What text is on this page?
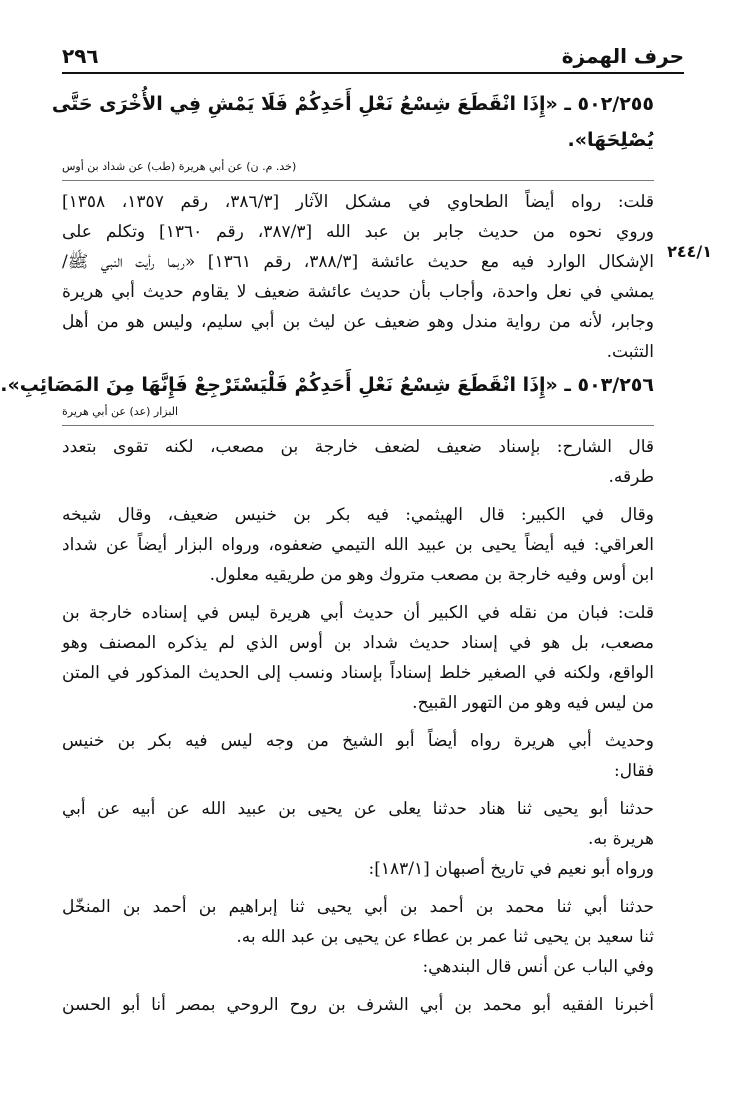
حرف الهمزة
٢٩٦
٢٤٤/١
٥٠٢/٢٥٥ ـ «إِذَا انْقَطَعَ شِسْعُ نَعْلِ أَحَدِكُمْ فَلَا يَمْشِ فِي الأُخْرَى حَتَّى
يُصْلِحَهَا».
(خد. م. ن) عن أبي هريرة (طب) عن شداد بن أوس
قلت: رواه أيضاً الطحاوي في مشكل الآثار [٣٨٦/٣، رقم ١٣٥٧، ١٣٥٨]
وروي نحوه من حديث جابر بن عبد الله [٣٨٧/٣، رقم ١٣٦٠] وتكلم على
الإشكال الوارد فيه مع حديث عائشة [٣٨٨/٣، رقم ١٣٦١] «ربما رأيت النبي ﷺ/
يمشي في نعل واحدة، وأجاب بأن حديث عائشة ضعيف لا يقاوم حديث أبي هريرة
وجابر، لأنه من رواية مندل وهو ضعيف عن ليث بن أبي سليم، وليس هو من أهل
التثبت.
٥٠٣/٢٥٦ ـ «إِذَا انْقَطَعَ شِسْعُ نَعْلِ أَحَدِكُمْ فَلْيَسْتَرْجِعْ فَإِنَّهَا مِنَ المَصَائِبِ».
البزار (عد) عن أبي هريرة
قال الشارح: بإسناد ضعيف لضعف خارجة بن مصعب، لكنه تقوى بتعدد
طرقه.
وقال في الكبير: قال الهيثمي: فيه بكر بن خنيس ضعيف، وقال شيخه
العراقي: فيه أيضاً يحيى بن عبيد الله التيمي ضعفوه، ورواه البزار أيضاً عن شداد
ابن أوس وفيه خارجة بن مصعب متروك وهو من طريقيه معلول.
قلت: فبان من نقله في الكبير أن حديث أبي هريرة ليس في إسناده خارجة بن
مصعب، بل هو في إسناد حديث شداد بن أوس الذي لم يذكره المصنف وهو
الواقع، ولكنه في الصغير خلط إسناداً بإسناد ونسب إلى الحديث المذكور في المتن
من ليس فيه وهو من التهور القبيح.
وحديث أبي هريرة رواه أيضاً أبو الشيخ من وجه ليس فيه بكر بن خنيس
فقال:
حدثنا أبو يحيى ثنا هناد حدثنا يعلى عن يحيى بن عبيد الله عن أبيه عن أبي
هريرة به.
ورواه أبو نعيم في تاريخ أصبهان [١٨٣/١]:
حدثنا أبي ثنا محمد بن أحمد بن أبي يحيى ثنا إبراهيم بن أحمد بن المنخّل
ثنا سعيد بن يحيى ثنا عمر بن عطاء عن يحيى بن عبد الله به.
وفي الباب عن أنس قال البندهي:
أخبرنا الفقيه أبو محمد بن أبي الشرف بن روح الروحي بمصر أنا أبو الحسن
